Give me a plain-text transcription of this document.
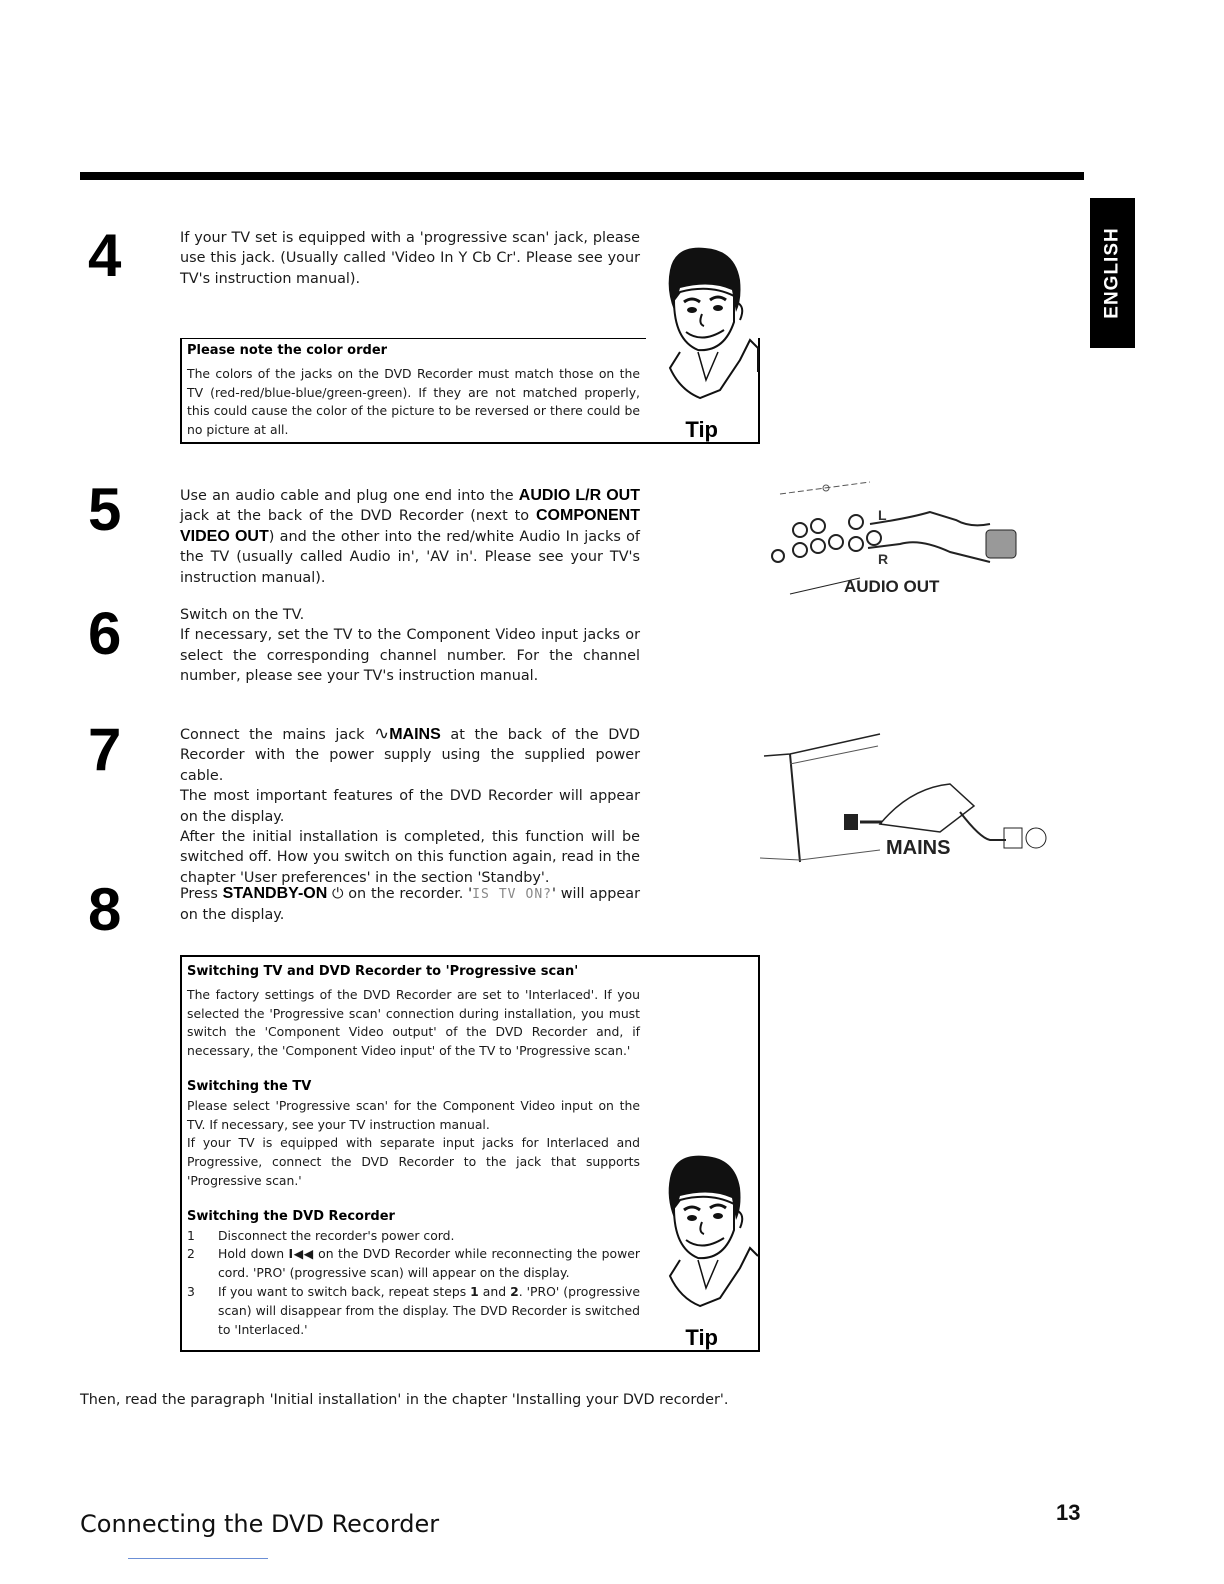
ENGLISH
4	If your TV set is equipped with a 'progressive scan' jack, please use this jack. (Usually called 'Video In Y Cb Cr'. Please see your TV's instruction manual).

Please note the color order

The colors of the jacks on the DVD Recorder must match those on the TV (red-red/blue-blue/green-green). If they are not matched properly, this could cause the color of the picture to be reversed or there could be no picture at all.	Tip
5	Use an audio cable and plug one end into the AUDIO L/R OUT jack at the back of the DVD Recorder (next to COMPONENT VIDEO OUT) and the other into the red/white Audio In jacks of the TV (usually called Audio in', 'AV in'. Please see your TV's instruction manual).

L
R
AUDIO OUT
6	Switch on the TV.

If necessary, set the TV to the Component Video input jacks or select the corresponding channel number. For the channel number, please see your TV's instruction manual.

7	Connect the mains jack ∿MAINS at the back of the DVD Recorder with the power supply using the supplied power cable.

The most important features of the DVD Recorder will appear on the display.

After the initial installation is completed, this function will be switched off. How you switch on this function again, read in the chapter 'User preferences' in the section 'Standby'.

MAINS
8	Press STANDBY-ON ⏻ on the recorder. 'IS TV ON?' will appear on the display.

Switching TV and DVD Recorder to 'Progressive scan'

The factory settings of the DVD Recorder are set to 'Interlaced'. If you selected the 'Progressive scan' connection during installation, you must switch the 'Component Video output' of the DVD Recorder and, if necessary, the 'Component Video input' of the TV to 'Progressive scan.'

Switching the TV

Please select 'Progressive scan' for the Component Video input on the TV. If necessary, see your TV instruction manual.

If your TV is equipped with separate input jacks for Interlaced and Progressive, connect the DVD Recorder to the jack that supports 'Progressive scan.'

Switching the DVD Recorder
1	Disconnect the recorder's power cord.
2	Hold down I◀◀ on the DVD Recorder while reconnecting the power cord. 'PRO' (progressive scan) will appear on the display.
3	If you want to switch back, repeat steps 1 and 2. 'PRO' (progressive scan) will disappear from the display. The DVD Recorder is switched to 'Interlaced.'	Tip
Then, read the paragraph 'Initial installation' in the chapter 'Installing your DVD recorder'.
Connecting the DVD Recorder	13
